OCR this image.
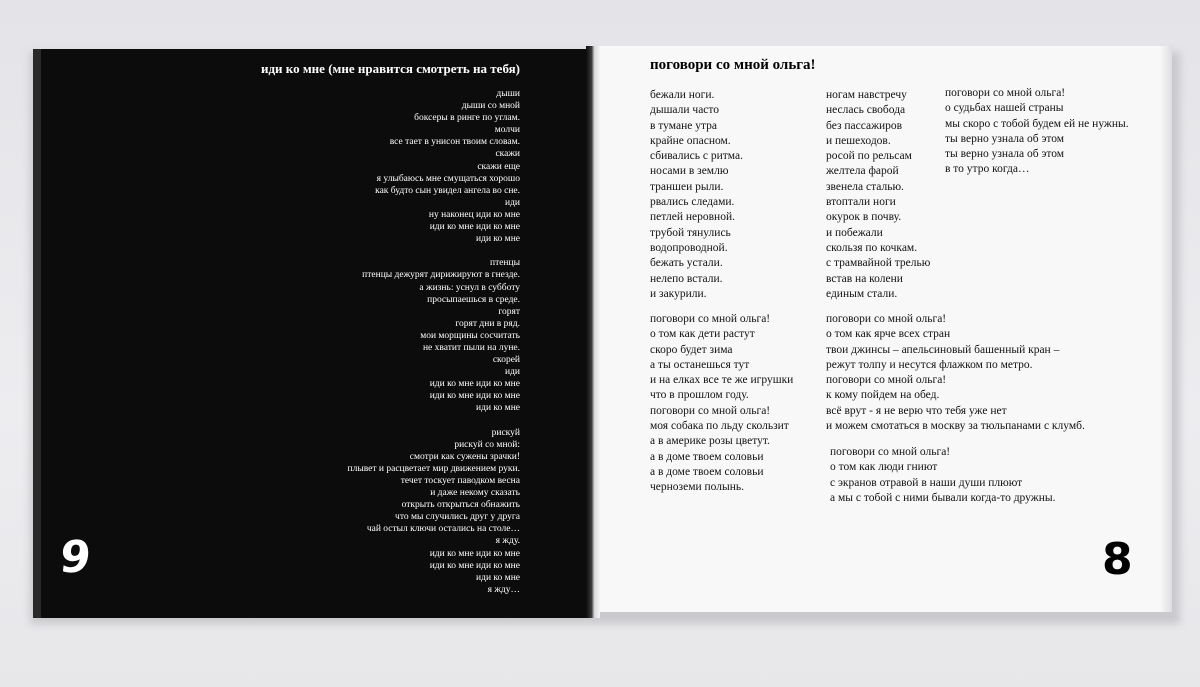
иди ко мне (мне нравится смотреть на тебя)
дыши
дыши со мной
боксеры в ринге по углам.
молчи
все тает в унисон твоим словам.
скажи
скажи еще
я улыбаюсь мне смущаться хорошо
как будто сын увидел ангела во сне.
иди
ну наконец иди ко мне
иди ко мне иди ко мне
иди ко мне

птенцы
птенцы дежурят дирижируют в гнезде.
а жизнь: уснул в субботу
просыпаешься в среде.
горят
горят дни в ряд.
мои морщины сосчитать
не хватит пыли на луне.
скорей
иди
иди ко мне иди ко мне
иди ко мне иди ко мне
иди ко мне

рискуй
рискуй со мной:
смотри как сужены зрачки!
плывет и расцветает мир движением руки.
течет тоскует паводком весна
и даже некому сказать
открыть открыться обнажить
что мы случились друг у друга
чай остыл ключи остались на столе…
я жду.
иди ко мне иди ко мне
иди ко мне иди ко мне
иди ко мне
я жду…
9
поговори со мной ольга!
бежали ноги.
дышали часто
в тумане утра
крайне опасном.
сбивались с ритма.
носами в землю
траншеи рыли.
рвались следами.
петлей неровной.
трубой тянулись
водопроводной.
бежать устали.
нелепо встали.
и закурили.
ногам навстречу
неслась свобода
без пассажиров
и пешеходов.
росой по рельсам
желтела фарой
звенела сталью.
втоптали ноги
окурок в почву.
и побежали
скользя по кочкам.
с трамвайной трелью
встав на колени
единым стали.
поговори со мной ольга!
о судьбах нашей страны
мы скоро с тобой будем ей не нужны.
ты верно узнала об этом
ты верно узнала об этом
в то утро когда…
поговори со мной ольга!
о том как дети растут
скоро будет зима
а ты останешься тут
и на елках все те же игрушки
что в прошлом году.
поговори со мной ольга!
моя собака по льду скользит
а в америке розы цветут.
а в доме твоем соловьи
а в доме твоем соловьи
черноземи полынь.
поговори со мной ольга!
о том как ярче всех стран
твои джинсы – апельсиновый башенный кран –
режут толпу и несутся флажком по метро.
поговори со мной ольга!
к кому пойдем на обед.
всё врут - я не верю что тебя уже нет
и можем смотаться в москву за тюльпанами с клумб.
поговори со мной ольга!
о том как люди гниют
с экранов отравой в наши души плюют
а мы с тобой с ними бывали когда-то дружны.
8
